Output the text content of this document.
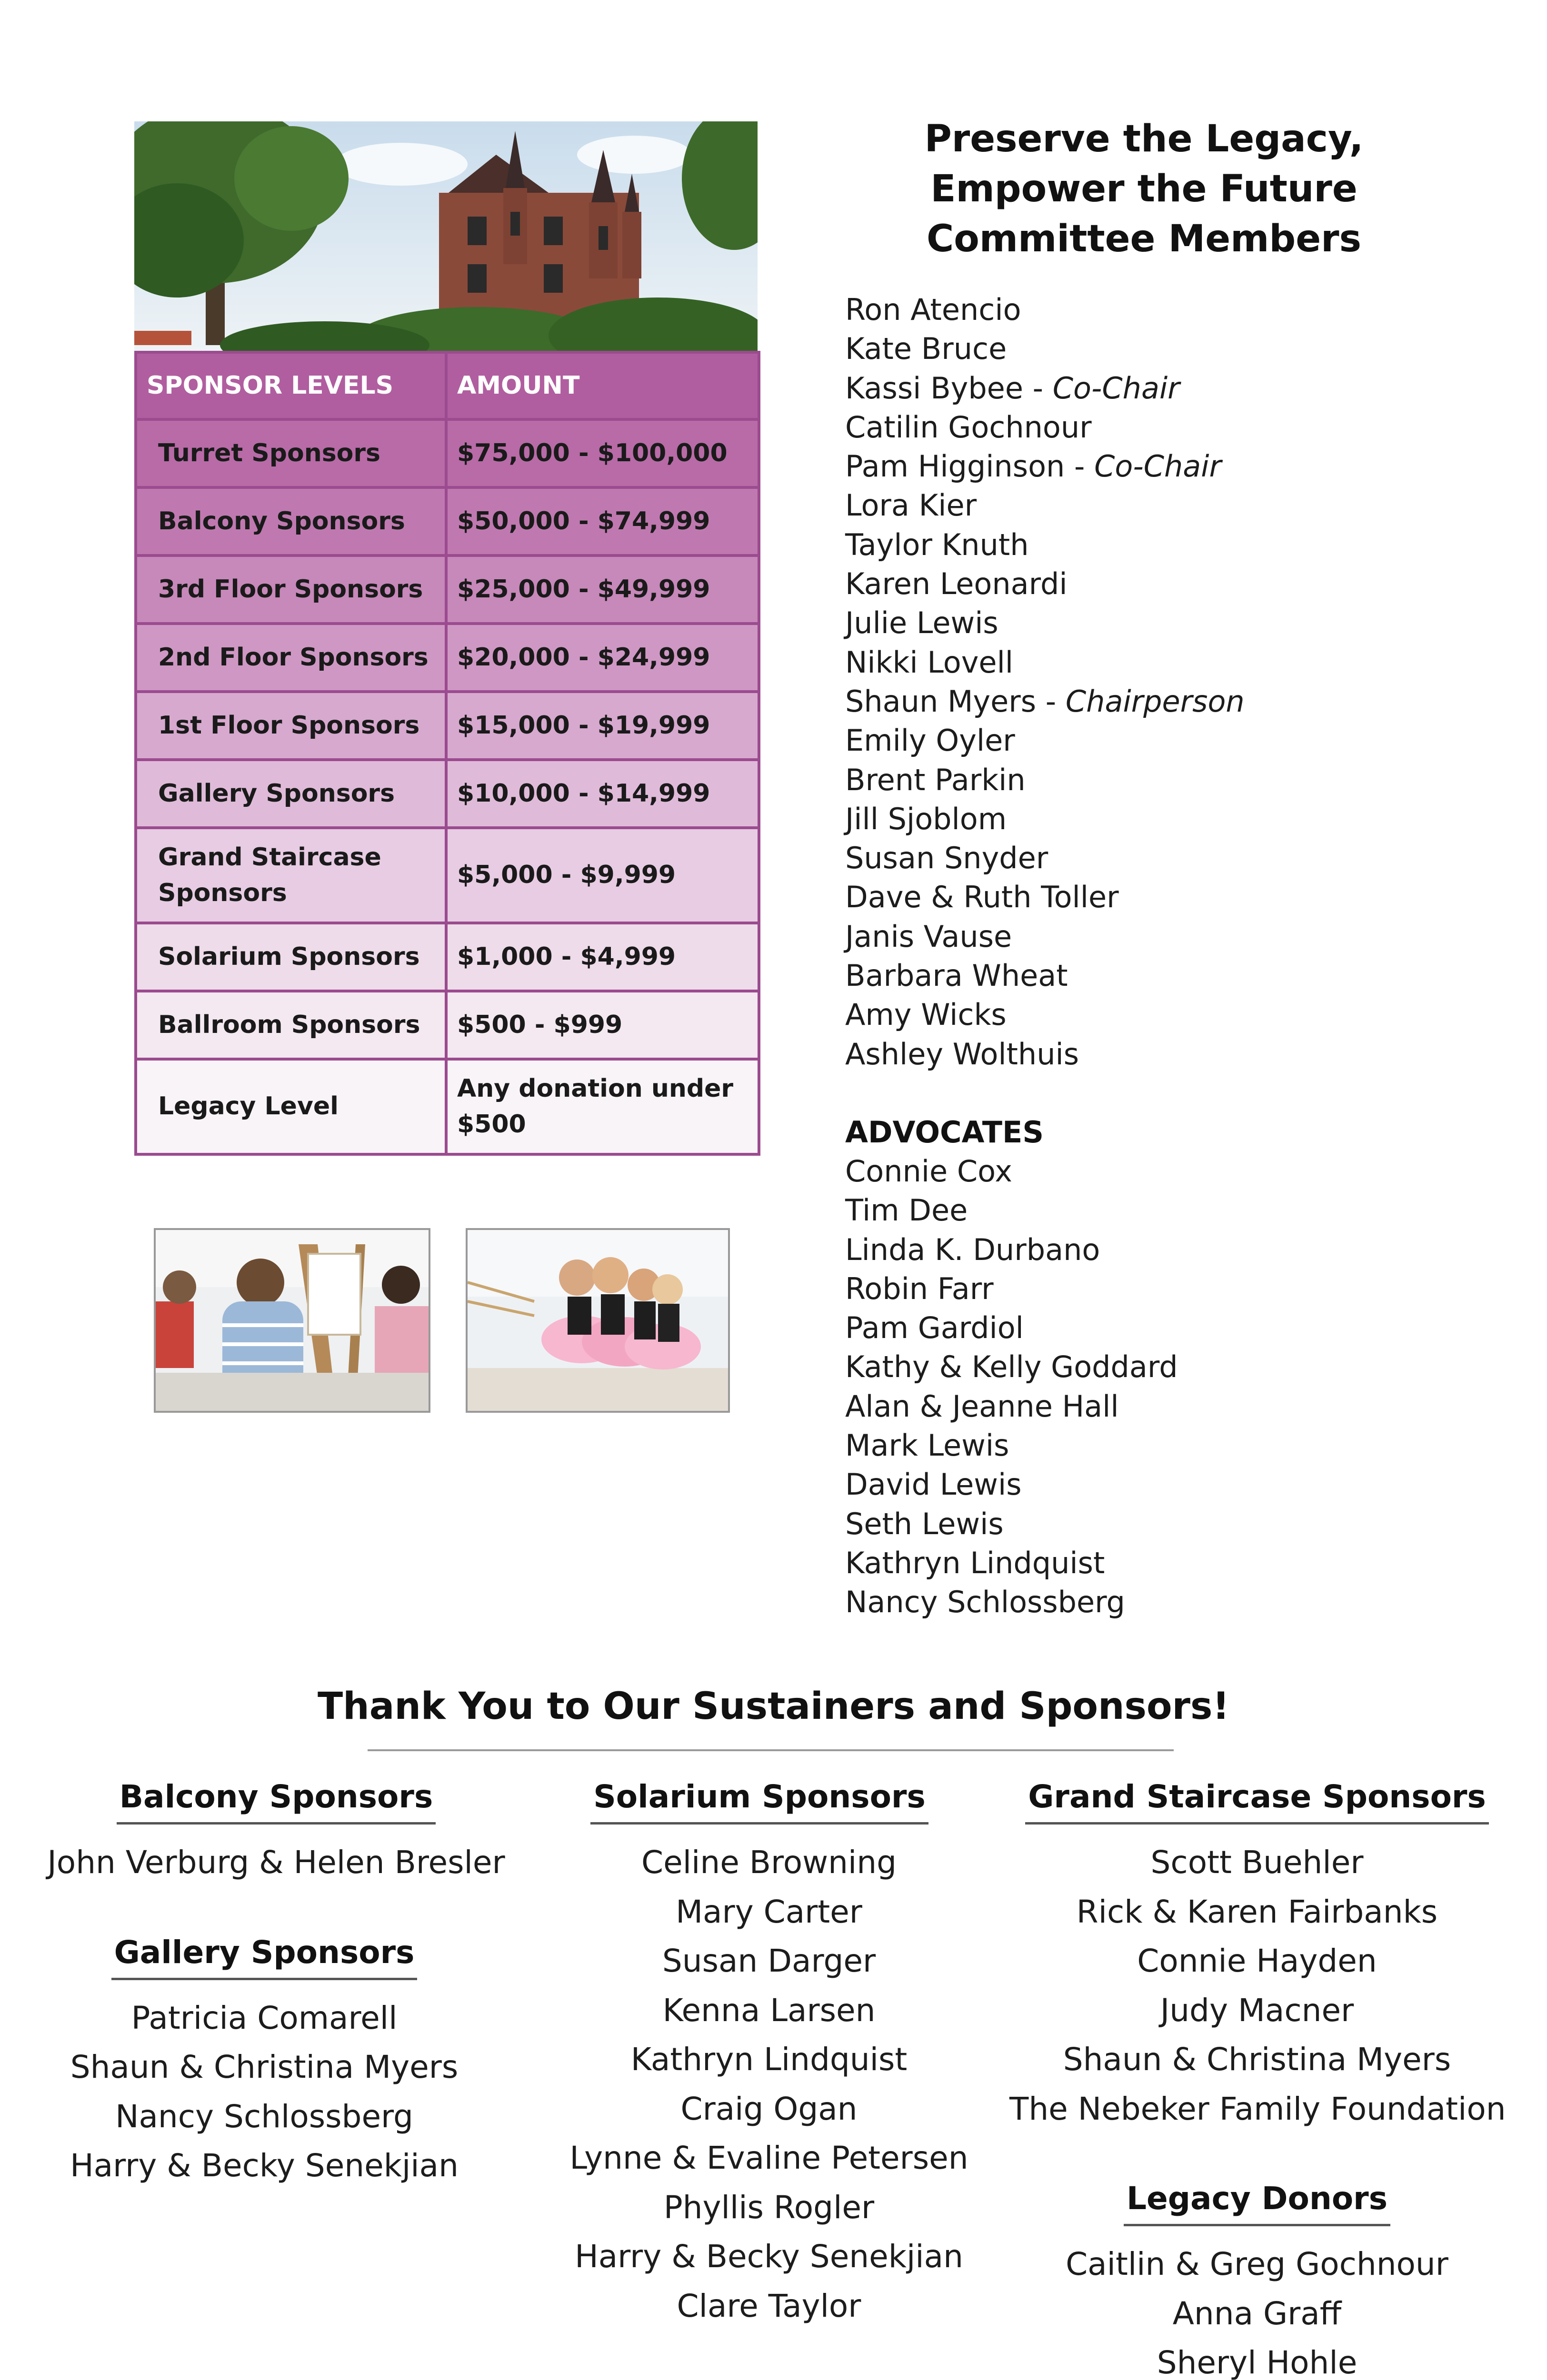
SPONSOR LEVELS	AMOUNT
Turret Sponsors	$75,000 - $100,000
Balcony Sponsors	$50,000 - $74,999
3rd Floor Sponsors	$25,000 - $49,999
2nd Floor Sponsors	$20,000 - $24,999
1st Floor Sponsors	$15,000 - $19,999
Gallery Sponsors	$10,000 - $14,999
Grand Staircase Sponsors	$5,000 - $9,999
Solarium Sponsors	$1,000 - $4,999
Ballroom Sponsors	$500 - $999
Legacy Level	Any donation under $500
Preserve the Legacy, Empower the Future Committee Members
Ron Atencio
Kate Bruce
Kassi Bybee - Co-Chair
Catilin Gochnour
Pam Higginson - Co-Chair
Lora Kier
Taylor Knuth
Karen Leonardi
Julie Lewis
Nikki Lovell
Shaun Myers - Chairperson
Emily Oyler
Brent Parkin
Jill Sjoblom
Susan Snyder
Dave & Ruth Toller
Janis Vause
Barbara Wheat
Amy Wicks
Ashley Wolthuis
ADVOCATES
Connie Cox
Tim Dee
Linda K. Durbano
Robin Farr
Pam Gardiol
Kathy & Kelly Goddard
Alan & Jeanne Hall
Mark Lewis
David Lewis
Seth Lewis
Kathryn Lindquist
Nancy Schlossberg
Thank You to Our Sustainers and Sponsors!
Balcony Sponsors
John Verburg & Helen Bresler
Gallery Sponsors
Patricia Comarell
Shaun & Christina Myers
Nancy Schlossberg
Harry & Becky Senekjian
Solarium Sponsors
Celine Browning
Mary Carter
Susan Darger
Kenna Larsen
Kathryn Lindquist
Craig Ogan
Lynne & Evaline Petersen
Phyllis Rogler
Harry & Becky Senekjian
Clare Taylor
Grand Staircase Sponsors
Scott Buehler
Rick & Karen Fairbanks
Connie Hayden
Judy Macner
Shaun & Christina Myers
The Nebeker Family Foundation
Legacy Donors
Caitlin & Greg Gochnour
Anna Graff
Sheryl Hohle
